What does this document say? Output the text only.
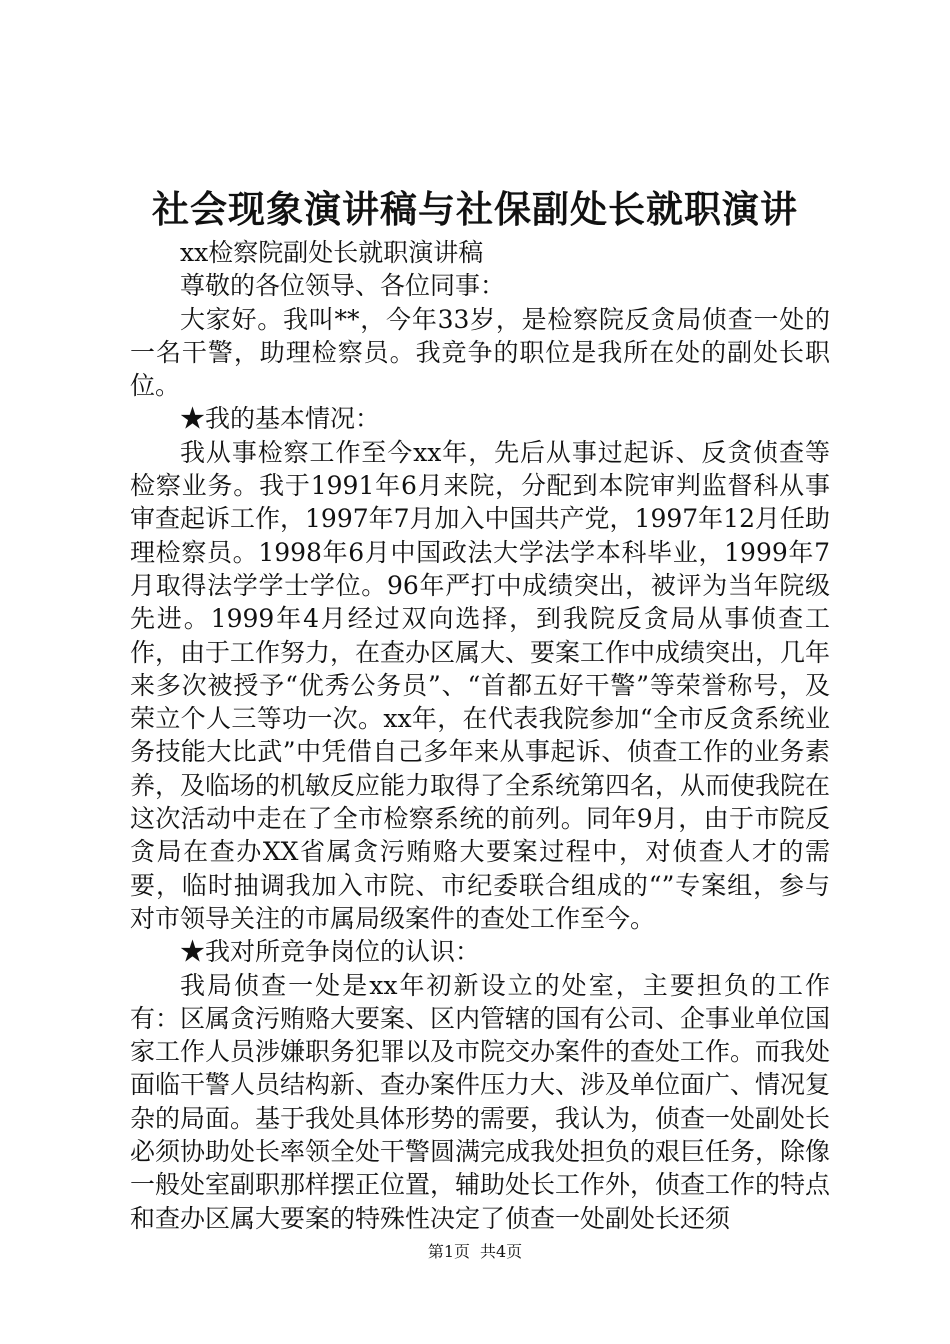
社会现象演讲稿与社保副处长就职演讲

xx检察院副处长就职演讲稿

尊敬的各位领导、各位同事：

大家好。我叫**，今年33岁，是检察院反贪局侦查一处的一名干警，助理检察员。我竞争的职位是我所在处的副处长职位。

★我的基本情况：

我从事检察工作至今xx年，先后从事过起诉、反贪侦查等检察业务。我于1991年6月来院，分配到本院审判监督科从事审查起诉工作，1997年7月加入中国共产党，1997年12月任助理检察员。1998年6月中国政法大学法学本科毕业，1999年7月取得法学学士学位。96年严打中成绩突出，被评为当年院级先进。1999年4月经过双向选择，到我院反贪局从事侦查工作，由于工作努力，在查办区属大、要案工作中成绩突出，几年来多次被授予“优秀公务员”、“首都五好干警”等荣誉称号，及荣立个人三等功一次。xx年，在代表我院参加“全市反贪系统业务技能大比武”中凭借自己多年来从事起诉、侦查工作的业务素养，及临场的机敏反应能力取得了全系统第四名，从而使我院在这次活动中走在了全市检察系统的前列。同年9月，由于市院反贪局在查办XX省属贪污贿赂大要案过程中，对侦查人才的需要，临时抽调我加入市院、市纪委联合组成的“”专案组，参与对市领导关注的市属局级案件的查处工作至今。

★我对所竞争岗位的认识：

我局侦查一处是xx年初新设立的处室，主要担负的工作有：区属贪污贿赂大要案、区内管辖的国有公司、企事业单位国家工作人员涉嫌职务犯罪以及市院交办案件的查处工作。而我处面临干警人员结构新、查办案件压力大、涉及单位面广、情况复杂的局面。基于我处具体形势的需要，我认为，侦查一处副处长必须协助处长率领全处干警圆满完成我处担负的艰巨任务，除像一般处室副职那样摆正位置，辅助处长工作外，侦查工作的特点和查办区属大要案的特殊性决定了侦查一处副处长还须

第1页 共4页
